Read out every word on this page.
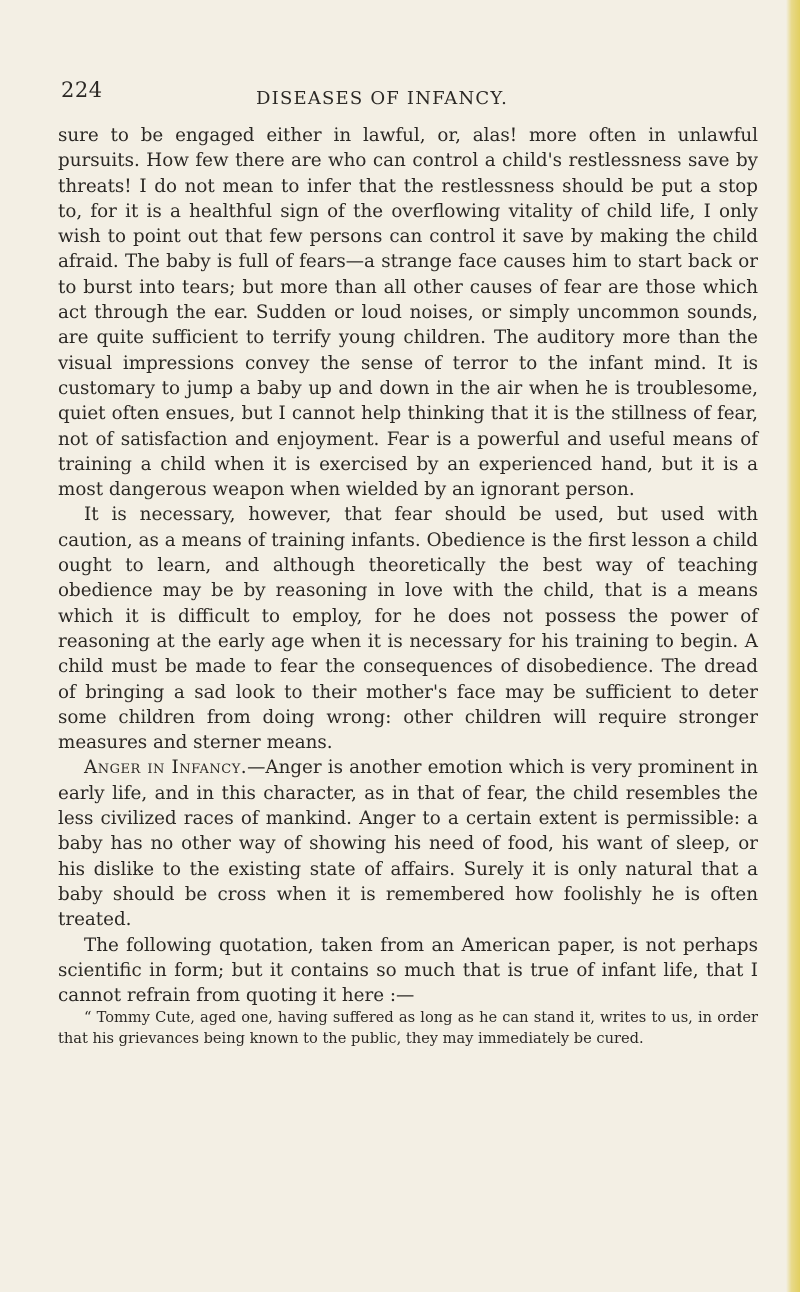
224	DISEASES OF INFANCY.

sure to be engaged either in lawful, or, alas! more often in unlawful pursuits. How few there are who can control a child's restlessness save by threats! I do not mean to infer that the restlessness should be put a stop to, for it is a healthful sign of the overflowing vitality of child life, I only wish to point out that few persons can control it save by making the child afraid. The baby is full of fears—a strange face causes him to start back or to burst into tears; but more than all other causes of fear are those which act through the ear. Sudden or loud noises, or simply uncommon sounds, are quite sufficient to terrify young children. The auditory more than the visual impressions convey the sense of terror to the infant mind. It is customary to jump a baby up and down in the air when he is troublesome, quiet often ensues, but I cannot help thinking that it is the stillness of fear, not of satisfaction and enjoyment. Fear is a powerful and useful means of training a child when it is exercised by an experienced hand, but it is a most dangerous weapon when wielded by an ignorant person.

It is necessary, however, that fear should be used, but used with caution, as a means of training infants. Obedience is the first lesson a child ought to learn, and although theoretically the best way of teaching obedience may be by reasoning in love with the child, that is a means which it is difficult to employ, for he does not possess the power of reasoning at the early age when it is necessary for his training to begin. A child must be made to fear the consequences of disobedience. The dread of bringing a sad look to their mother's face may be sufficient to deter some children from doing wrong: other children will require stronger measures and sterner means.

Anger in Infancy.—Anger is another emotion which is very prominent in early life, and in this character, as in that of fear, the child resembles the less civilized races of mankind. Anger to a certain extent is permissible: a baby has no other way of showing his need of food, his want of sleep, or his dislike to the existing state of affairs. Surely it is only natural that a baby should be cross when it is remembered how foolishly he is often treated.

The following quotation, taken from an American paper, is not perhaps scientific in form; but it contains so much that is true of infant life, that I cannot refrain from quoting it here :—

“ Tommy Cute, aged one, having suffered as long as he can stand it, writes to us, in order that his grievances being known to the public, they may immediately be cured.
